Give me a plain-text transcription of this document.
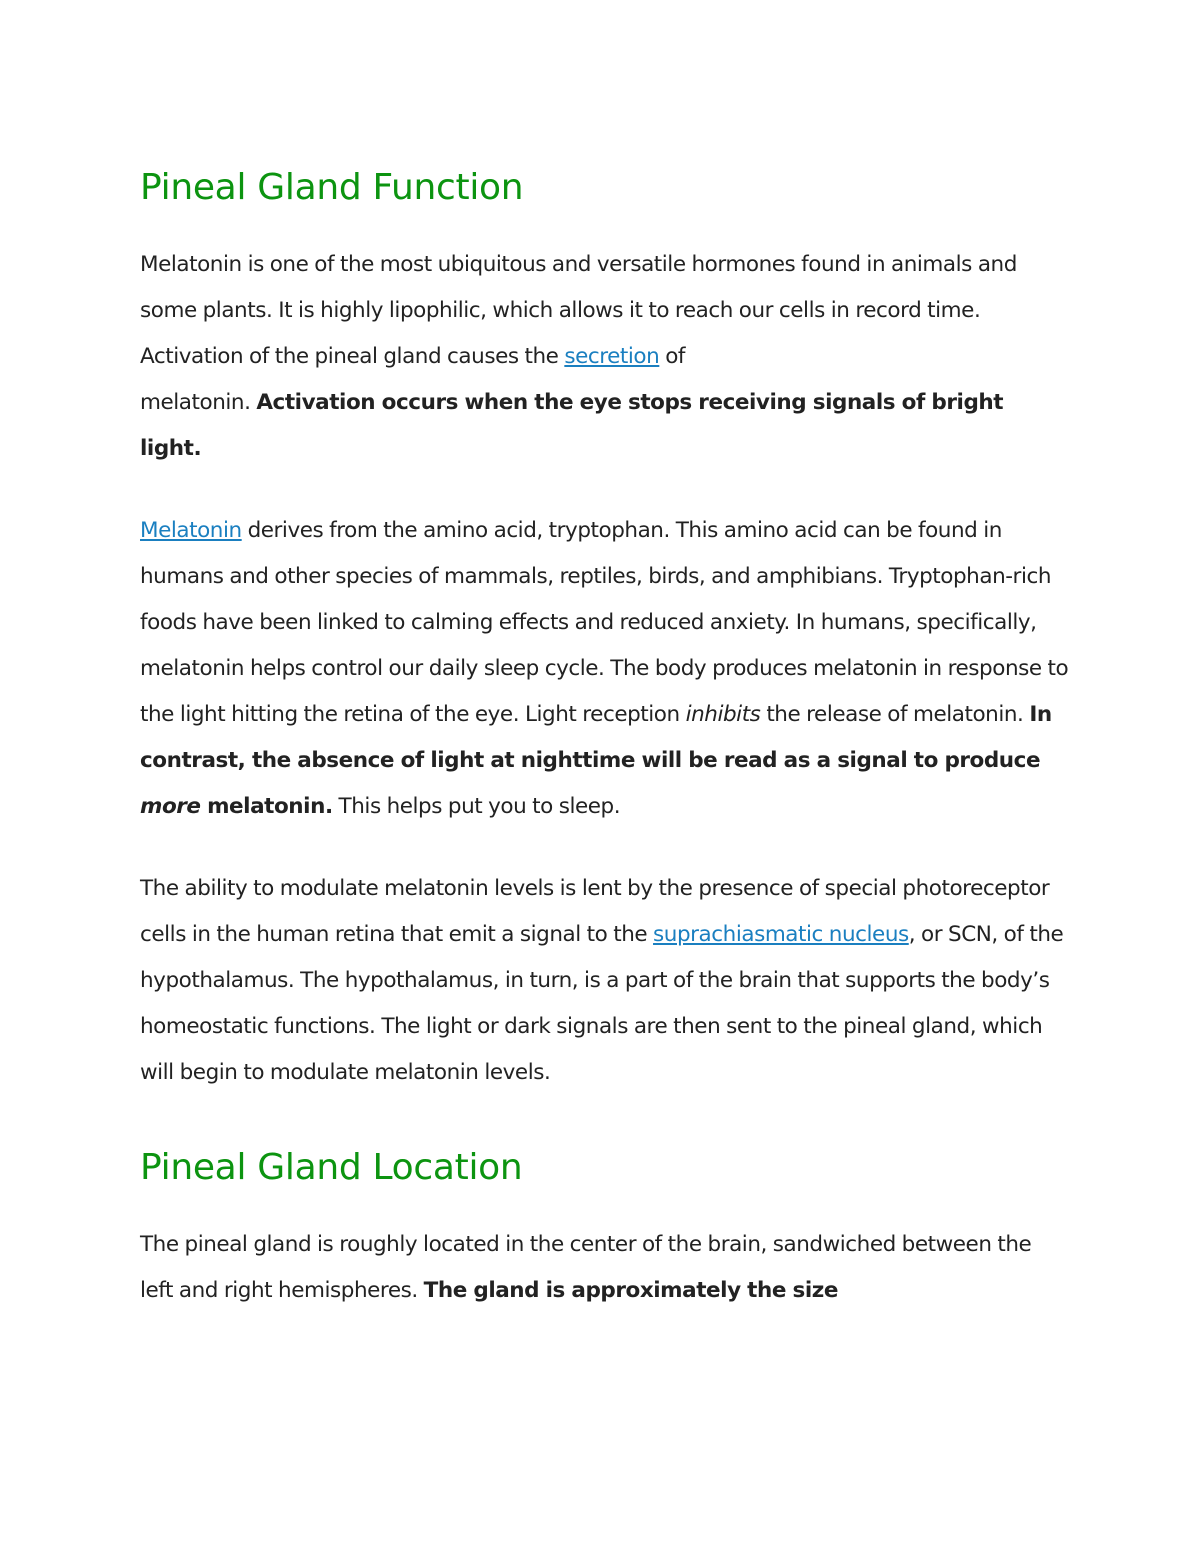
Pineal Gland Function

Melatonin is one of the most ubiquitous and versatile hormones found in animals and some plants. It is highly lipophilic, which allows it to reach our cells in record time. Activation of the pineal gland causes the secretion of
melatonin. Activation occurs when the eye stops receiving signals of bright light.

Melatonin derives from the amino acid, tryptophan. This amino acid can be found in humans and other species of mammals, reptiles, birds, and amphibians. Tryptophan-rich foods have been linked to calming effects and reduced anxiety. In humans, specifically, melatonin helps control our daily sleep cycle. The body produces melatonin in response to the light hitting the retina of the eye. Light reception inhibits the release of melatonin. In contrast, the absence of light at nighttime will be read as a signal to produce more melatonin. This helps put you to sleep.

The ability to modulate melatonin levels is lent by the presence of special photoreceptor cells in the human retina that emit a signal to the suprachiasmatic nucleus, or SCN, of the hypothalamus. The hypothalamus, in turn, is a part of the brain that supports the body’s homeostatic functions. The light or dark signals are then sent to the pineal gland, which will begin to modulate melatonin levels.

Pineal Gland Location

The pineal gland is roughly located in the center of the brain, sandwiched between the left and right hemispheres. The gland is approximately the size
